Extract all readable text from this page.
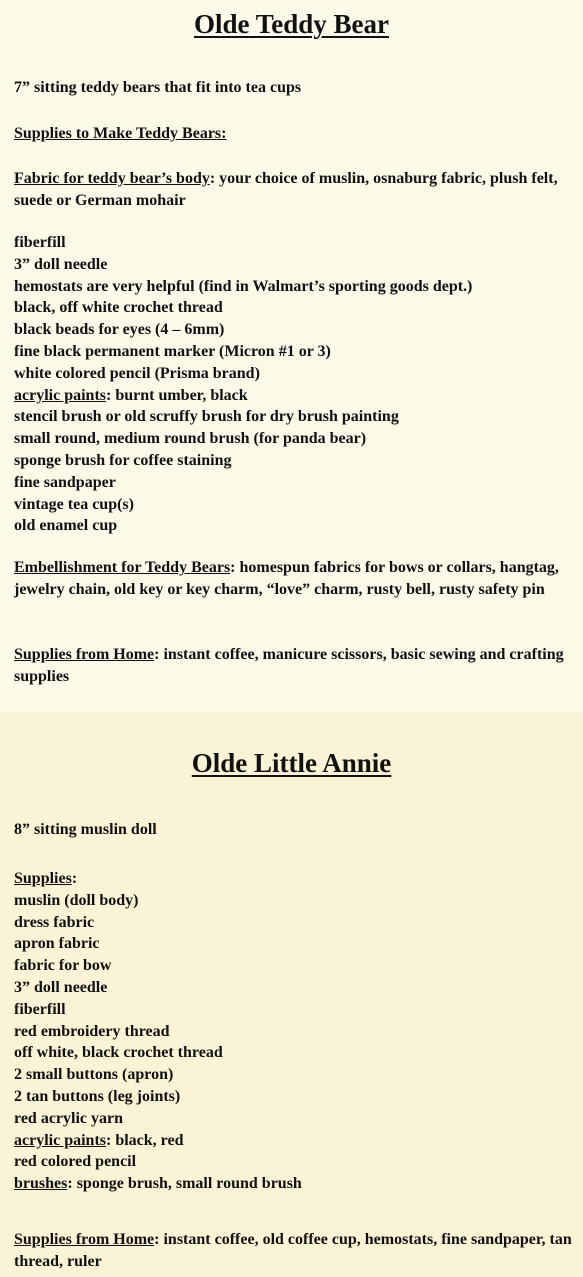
Olde Teddy Bear
7” sitting teddy bears that fit into tea cups
Supplies to Make Teddy Bears:

Fabric for teddy bear’s body: your choice of muslin, osnaburg fabric, plush felt, suede or German mohair

fiberfill
3” doll needle
hemostats are very helpful (find in Walmart’s sporting goods dept.)
black, off white crochet thread
black beads for eyes (4 – 6mm)
fine black permanent marker (Micron #1 or 3)
white colored pencil (Prisma brand)
acrylic paints: burnt umber, black
stencil brush or old scruffy brush for dry brush painting
small round, medium round brush (for panda bear)
sponge brush for coffee staining
fine sandpaper
vintage tea cup(s)
old enamel cup

Embellishment for Teddy Bears: homespun fabrics for bows or collars, hangtag, jewelry chain, old key or key charm, “love” charm, rusty bell, rusty safety pin

Supplies from Home: instant coffee, manicure scissors, basic sewing and crafting supplies

Olde Little Annie
8” sitting muslin doll
Supplies:
muslin (doll body)
dress fabric
apron fabric
fabric for bow
3” doll needle
fiberfill
red embroidery thread
off white, black crochet thread
2 small buttons (apron)
2 tan buttons (leg joints)
red acrylic yarn
acrylic paints: black, red
red colored pencil
brushes: sponge brush, small round brush

Supplies from Home: instant coffee, old coffee cup, hemostats, fine sandpaper, tan thread, ruler
